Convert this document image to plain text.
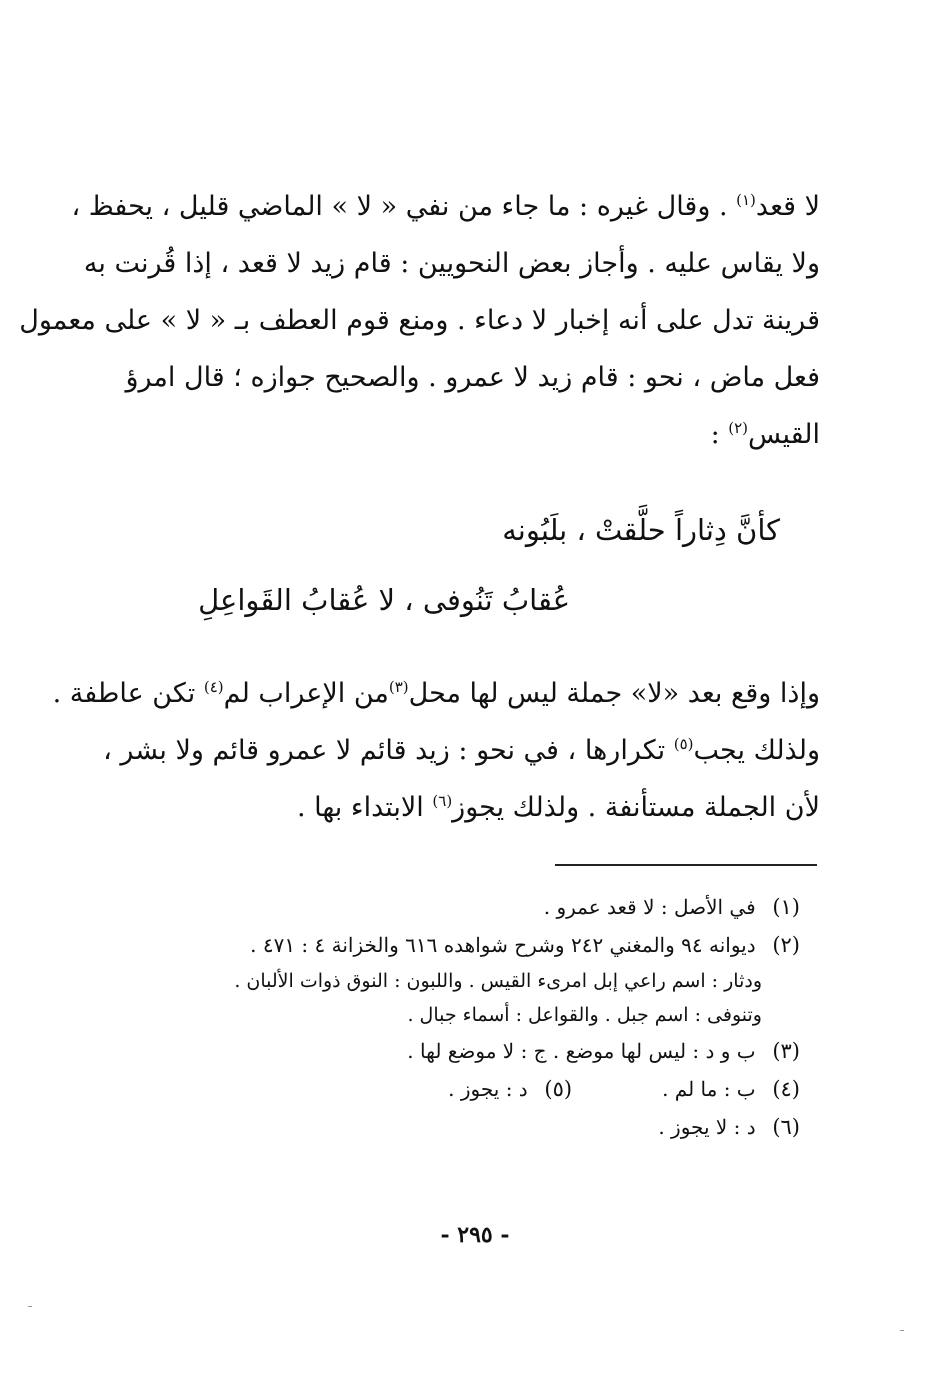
لا قعد$^{(١)}$ . وقال غيره : ما جاء من نفي « لا » الماضي قليل ، يحفظ ،
ولا يقاس عليه . وأجاز بعض النحويين : قام زيد لا قعد ، إذا قُرنت به
قرينة تدل على أنه إخبار لا دعاء . ومنع قوم العطف بـ « لا » على معمول
فعل ماض ، نحو : قام زيد لا عمرو . والصحيح جوازه ؛ قال امرؤ
القيس$^{(٢)}$ :
كأنَّ دِثاراً حلَّقتْ ، بلَبُونه
عُقابُ تَنُوفى ، لا عُقابُ القَواعِلِ
وإذا وقع بعد «لا» جملة ليس لها محل$^{(٣)}$من الإعراب لم$^{(٤)}$ تكن عاطفة .
ولذلك يجب$^{(٥)}$ تكرارها ، في نحو : زيد قائم لا عمرو قائم ولا بشر ،
لأن الجملة مستأنفة . ولذلك يجوز$^{(٦)}$ الابتداء بها .
(١) في الأصل : لا قعد عمرو .
(٢) ديوانه ٩٤ والمغني ٢٤٢ وشرح شواهده ٦١٦ والخزانة ٤ : ٤٧١ .
ودثار : اسم راعي إبل امرىء القيس . واللبون : النوق ذوات الألبان .
وتنوفى : اسم جبل . والقواعل : أسماء جبال .
(٣) ب و د : ليس لها موضع . ج : لا موضع لها .
(٤) ب : ما لم .(٥) د : يجوز .
(٦) د : لا يجوز .
- ٢٩٥ -
